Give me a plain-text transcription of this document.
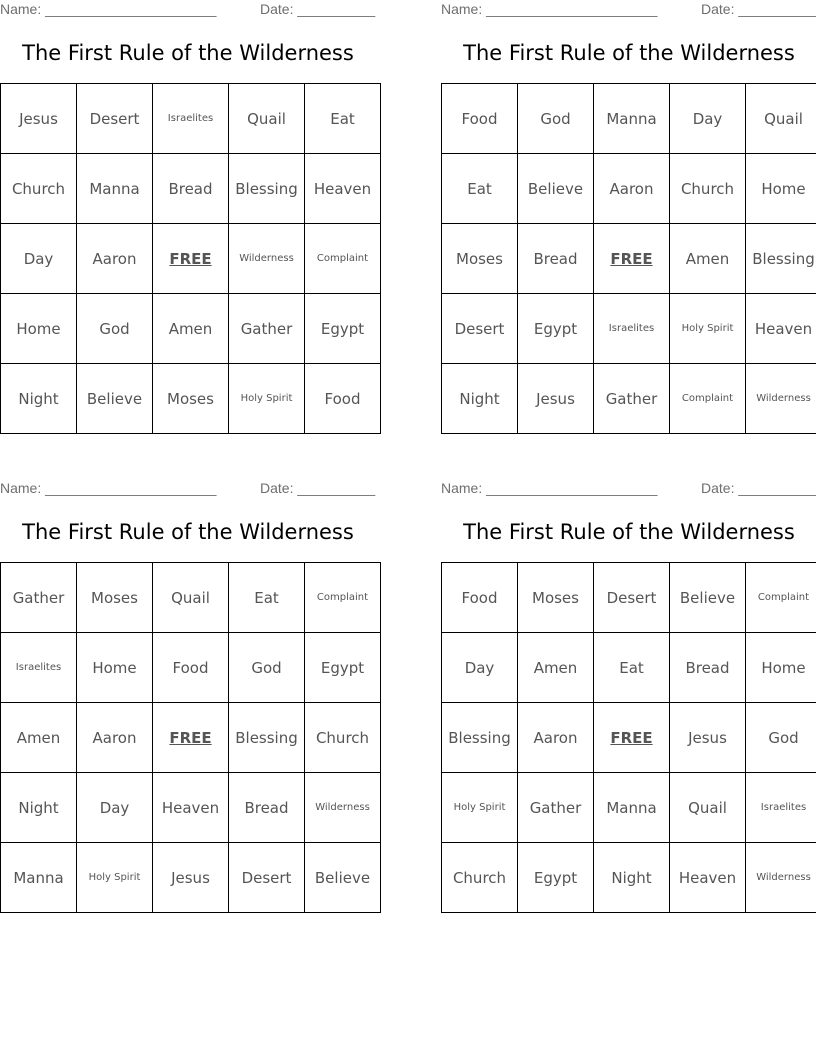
Name: ______________________	Date: __________
The First Rule of the Wilderness
Jesus	Desert	Israelites	Quail	Eat
Church	Manna	Bread	Blessing	Heaven
Day	Aaron	FREE	Wilderness	Complaint
Home	God	Amen	Gather	Egypt
Night	Believe	Moses	Holy Spirit	Food
Name: ______________________	Date: __________
The First Rule of the Wilderness
Food	God	Manna	Day	Quail
Eat	Believe	Aaron	Church	Home
Moses	Bread	FREE	Amen	Blessing
Desert	Egypt	Israelites	Holy Spirit	Heaven
Night	Jesus	Gather	Complaint	Wilderness
Name: ______________________	Date: __________
The First Rule of the Wilderness
Gather	Moses	Quail	Eat	Complaint
Israelites	Home	Food	God	Egypt
Amen	Aaron	FREE	Blessing	Church
Night	Day	Heaven	Bread	Wilderness
Manna	Holy Spirit	Jesus	Desert	Believe
Name: ______________________	Date: __________
The First Rule of the Wilderness
Food	Moses	Desert	Believe	Complaint
Day	Amen	Eat	Bread	Home
Blessing	Aaron	FREE	Jesus	God
Holy Spirit	Gather	Manna	Quail	Israelites
Church	Egypt	Night	Heaven	Wilderness
